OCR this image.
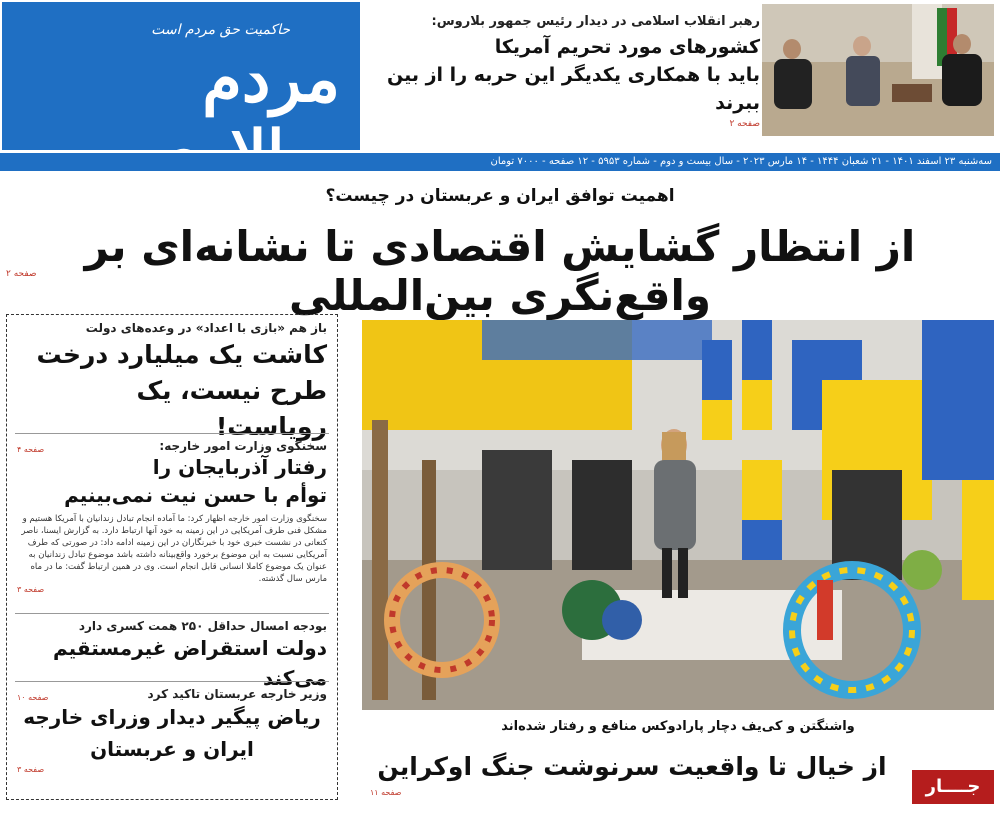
حاکمیت حق مردم است
مردم
رهبر انقلاب اسلامی در دیدار رئیس جمهور بلاروس:
کشورهای مورد تحریم آمریکا
باید با همکاری یکدیگر این حربه را از بین ببرند
صفحه ۲
سه‌شنبه ۲۳ اسفند ۱۴۰۱ - ۲۱ شعبان ۱۴۴۴ - ۱۴ مارس ۲۰۲۳ - سال بیست و دوم - شماره ۵۹۵۳ - ۱۲ صفحه - ۷۰۰۰ تومان
اهمیت توافق ایران و عربستان در چیست؟
از انتظار گشایش اقتصادی تا نشانه‌ای بر واقع‌نگری بین‌المللی
صفحه ۲
باز هم «بازی با اعداد» در وعده‌های دولت
کاشت یک میلیارد درخت
طرح نیست، یک رویاست!
صفحه ۴	سخنگوی وزارت امور خارجه:
رفتار آذربایجان را
توأم با حسن نیت نمی‌بینیم
سخنگوی وزارت امور خارجه اظهار کرد: ما آماده انجام تبادل زندانیان با آمریکا هستیم و مشکل فنی طرف آمریکایی در این زمینه به خود آنها ارتباط دارد. به گزارش ایسنا، ناصر کنعانی در نشست خبری خود با خبرنگاران در این زمینه ادامه داد: در صورتی که طرف آمریکایی نسبت به این موضوع برخورد واقع‌بینانه داشته باشد موضوع تبادل زندانیان به عنوان یک موضوع کاملا انسانی قابل انجام است. وی در همین ارتباط گفت: ما در ماه مارس سال گذشته.
صفحه ۳
بودجه امسال حداقل ۲۵۰ همت کسری دارد
دولت استقراض غیرمستقیم می‌کند
صفحه ۱۰	وزیر خارجه عربستان تاکید کرد
ریاض پیگیر دیدار وزرای خارجه
ایران و عربستان
صفحه ۳
واشنگتن و کی‌یف دچار پارادوکس منافع و رفتار شده‌اند
از خیال تا واقعیت سرنوشت جنگ اوکراین
صفحه ۱۱	جــــار
